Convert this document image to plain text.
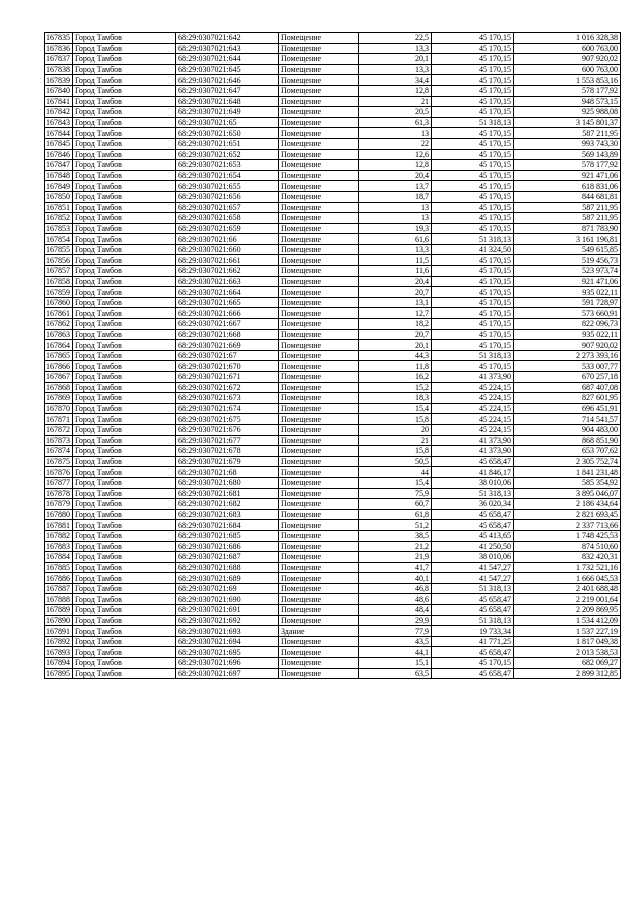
167835	Город Тамбов	68:29:0307021:642	Помещение	22,5	45 170,15	1 016 328,38
167836	Город Тамбов	68:29:0307021:643	Помещение	13,3	45 170,15	600 763,00
167837	Город Тамбов	68:29:0307021:644	Помещение	20,1	45 170,15	907 920,02
167838	Город Тамбов	68:29:0307021:645	Помещение	13,3	45 170,15	600 763,00
167839	Город Тамбов	68:29:0307021:646	Помещение	34,4	45 170,15	1 553 853,16
167840	Город Тамбов	68:29:0307021:647	Помещение	12,8	45 170,15	578 177,92
167841	Город Тамбов	68:29:0307021:648	Помещение	21	45 170,15	948 573,15
167842	Город Тамбов	68:29:0307021:649	Помещение	20,5	45 170,15	925 988,08
167843	Город Тамбов	68:29:0307021:65	Помещение	61,3	51 318,13	3 145 801,37
167844	Город Тамбов	68:29:0307021:650	Помещение	13	45 170,15	587 211,95
167845	Город Тамбов	68:29:0307021:651	Помещение	22	45 170,15	993 743,30
167846	Город Тамбов	68:29:0307021:652	Помещение	12,6	45 170,15	569 143,89
167847	Город Тамбов	68:29:0307021:653	Помещение	12,8	45 170,15	578 177,92
167848	Город Тамбов	68:29:0307021:654	Помещение	20,4	45 170,15	921 471,06
167849	Город Тамбов	68:29:0307021:655	Помещение	13,7	45 170,15	618 831,06
167850	Город Тамбов	68:29:0307021:656	Помещение	18,7	45 170,15	844 681,81
167851	Город Тамбов	68:29:0307021:657	Помещение	13	45 170,15	587 211,95
167852	Город Тамбов	68:29:0307021:658	Помещение	13	45 170,15	587 211,95
167853	Город Тамбов	68:29:0307021:659	Помещение	19,3	45 170,15	871 783,90
167854	Город Тамбов	68:29:0307021:66	Помещение	61,6	51 318,13	3 161 196,81
167855	Город Тамбов	68:29:0307021:660	Помещение	13,3	41 324,50	549 615,85
167856	Город Тамбов	68:29:0307021:661	Помещение	11,5	45 170,15	519 456,73
167857	Город Тамбов	68:29:0307021:662	Помещение	11,6	45 170,15	523 973,74
167858	Город Тамбов	68:29:0307021:663	Помещение	20,4	45 170,15	921 471,06
167859	Город Тамбов	68:29:0307021:664	Помещение	20,7	45 170,15	935 022,11
167860	Город Тамбов	68:29:0307021:665	Помещение	13,1	45 170,15	591 728,97
167861	Город Тамбов	68:29:0307021:666	Помещение	12,7	45 170,15	573 660,91
167862	Город Тамбов	68:29:0307021:667	Помещение	18,2	45 170,15	822 096,73
167863	Город Тамбов	68:29:0307021:668	Помещение	20,7	45 170,15	935 022,11
167864	Город Тамбов	68:29:0307021:669	Помещение	20,1	45 170,15	907 920,02
167865	Город Тамбов	68:29:0307021:67	Помещение	44,3	51 318,13	2 273 393,16
167866	Город Тамбов	68:29:0307021:670	Помещение	11,8	45 170,15	533 007,77
167867	Город Тамбов	68:29:0307021:671	Помещение	16,2	41 373,90	670 257,18
167868	Город Тамбов	68:29:0307021:672	Помещение	15,2	45 224,15	687 407,08
167869	Город Тамбов	68:29:0307021:673	Помещение	18,3	45 224,15	827 601,95
167870	Город Тамбов	68:29:0307021:674	Помещение	15,4	45 224,15	696 451,91
167871	Город Тамбов	68:29:0307021:675	Помещение	15,8	45 224,15	714 541,57
167872	Город Тамбов	68:29:0307021:676	Помещение	20	45 224,15	904 483,00
167873	Город Тамбов	68:29:0307021:677	Помещение	21	41 373,90	868 851,90
167874	Город Тамбов	68:29:0307021:678	Помещение	15,8	41 373,90	653 707,62
167875	Город Тамбов	68:29:0307021:679	Помещение	50,5	45 658,47	2 305 752,74
167876	Город Тамбов	68:29:0307021:68	Помещение	44	41 846,17	1 841 231,48
167877	Город Тамбов	68:29:0307021:680	Помещение	15,4	38 010,06	585 354,92
167878	Город Тамбов	68:29:0307021:681	Помещение	75,9	51 318,13	3 895 046,07
167879	Город Тамбов	68:29:0307021:682	Помещение	60,7	36 020,34	2 186 434,64
167880	Город Тамбов	68:29:0307021:683	Помещение	61,8	45 658,47	2 821 693,45
167881	Город Тамбов	68:29:0307021:684	Помещение	51,2	45 658,47	2 337 713,66
167882	Город Тамбов	68:29:0307021:685	Помещение	38,5	45 413,65	1 748 425,53
167883	Город Тамбов	68:29:0307021:686	Помещение	21,2	41 250,50	874 510,60
167884	Город Тамбов	68:29:0307021:687	Помещение	21,9	38 010,06	832 420,31
167885	Город Тамбов	68:29:0307021:688	Помещение	41,7	41 547,27	1 732 521,16
167886	Город Тамбов	68:29:0307021:689	Помещение	40,1	41 547,27	1 666 045,53
167887	Город Тамбов	68:29:0307021:69	Помещение	46,8	51 318,13	2 401 688,48
167888	Город Тамбов	68:29:0307021:690	Помещение	48,6	45 658,47	2 219 001,64
167889	Город Тамбов	68:29:0307021:691	Помещение	48,4	45 658,47	2 209 869,95
167890	Город Тамбов	68:29:0307021:692	Помещение	29,9	51 318,13	1 534 412,09
167891	Город Тамбов	68:29:0307021:693	Здание	77,9	19 733,34	1 537 227,19
167892	Город Тамбов	68:29:0307021:694	Помещение	43,5	41 771,25	1 817 049,38
167893	Город Тамбов	68:29:0307021:695	Помещение	44,1	45 658,47	2 013 538,53
167894	Город Тамбов	68:29:0307021:696	Помещение	15,1	45 170,15	682 069,27
167895	Город Тамбов	68:29:0307021:697	Помещение	63,5	45 658,47	2 899 312,85
